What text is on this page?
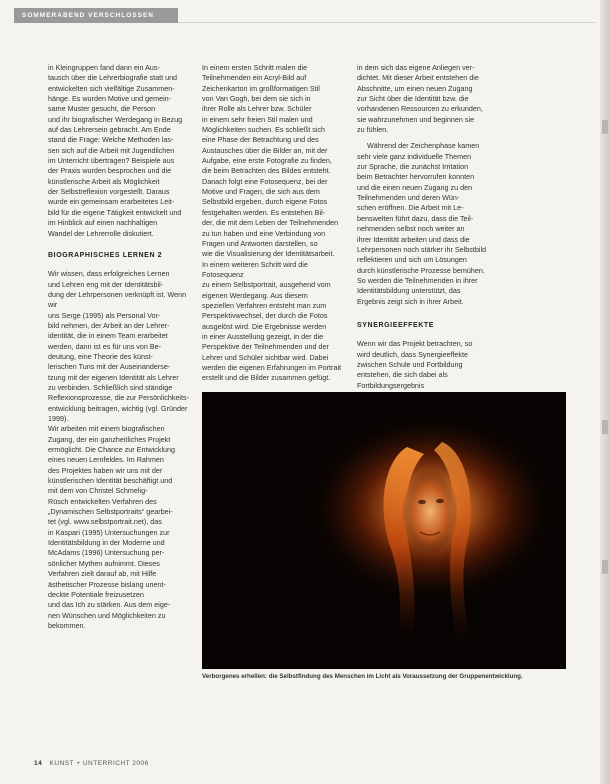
SOMMERABEND VERSCHLOSSEN

in Kleingruppen fand dann ein Aus-
tausch über die Lehrerbiografie statt und
entwickelten sich vielfältige Zusammen-
hänge. Es wurden Motive und gemein-
same Muster gesucht, die Person
und ihr biografischer Werdegang in Bezug
auf das Lehrersein gebracht. Am Ende
stand die Frage: Welche Methoden las-
sen sich auf die Arbeit mit Jugendlichen
im Unterricht übertragen? Beispiele aus
der Praxis wurden besprochen und die
künstlerische Arbeit als Möglichkeit
der Selbstreflexion vorgestellt. Daraus
wurde ein gemeinsam erarbeitetes Leit-
bild für die eigene Tätigkeit entwickelt und
im Hinblick auf einen nachhaltigen
Wandel der Lehrerrolle diskutiert.

BIOGRAPHISCHES LERNEN 2

Wir wissen, dass erfolgreiches Lernen
und Lehren eng mit der Identitätsbil-
dung der Lehrpersonen verknüpft ist. Wenn wir
uns Serge (1995) als Personal Vor-
bild nehmen, der Arbeit an der Lehrer-
identität, die in einem Team erarbeitet
werden, dann ist es für uns von Be-
deutung, eine Theorie des künst-
lerischen Tuns mit der Auseinanderse-
tzung mit der eigenen Identität als Lehrer
zu verbinden. Schließlich sind ständige
Reflexionsprozesse, die zur Persönlichkeits-
entwicklung beitragen, wichtig (vgl. Gründer 1999).
Wir arbeiten mit einem biografischen
Zugang, der ein ganzheitliches Projekt
ermöglicht. Die Chance zur Entwicklung
eines neuen Lernfeldes. Im Rahmen
des Projektes haben wir uns mit der
künstlerischen Identität beschäftigt und
mit dem von Christel Schmelig-
Rüsch entwickelten Verfahren des
„Dynamischen Selbstportraits“ gearbei-
tet (vgl. www.selbstportrait.net), das
in Kaspari (1995) Untersuchungen zur
Identitätsbildung in der Moderne und
McAdams (1996) Untersuchung per-
sönlicher Mythen aufnimmt. Dieses
Verfahren zielt darauf ab, mit Hilfe
ästhetischer Prozesse bislang unent-
deckte Potentiale freizusetzen
und das Ich zu stärken. Aus dem eige-
nen Wünschen und Möglichkeiten zu
bekommen.

In einem ersten Schritt malen die
Teilnehmenden ein Acryl-Bild auf
Zeichenkarton im großformatigen Stil
von Van Gogh, bei dem sie sich in
ihrer Rolle als Lehrer bzw. Schüler
in einem sehr freien Stil malen und
Möglichkeiten suchen. Es schließt sich
eine Phase der Betrachtung und des
Austausches über die Bilder an, mit der
Aufgabe, eine erste Fotografie zu finden,
die beim Betrachten des Bildes entsteht.
Danach folgt eine Fotosequenz, bei der
Motive und Fragen, die sich aus dem
Selbstbild ergeben, durch eigene Fotos
festgehalten werden. Es entstehen Bil-
der, die mit dem Leben der Teilnehmenden
zu tun haben und eine Verbindung von
Fragen und Antworten darstellen, so
wie die Visualisierung der Identitätsarbeit.
In einem weiteren Schritt wird die Fotosequenz
zu einem Selbstportrait, ausgehend vom
eigenen Werdegang. Aus diesem
speziellen Verfahren entsteht man zum
Perspektivwechsel, der durch die Fotos
ausgelöst wird. Die Ergebnisse werden
in einer Ausstellung gezeigt, in der die
Perspektive der Teilnehmenden und der
Lehrer und Schüler sichtbar wird. Dabei
werden die eigenen Erfahrungen im Portrait
erstellt und die Bilder zusammen gefügt.

in dem sich das eigene Anliegen ver-
dichtet. Mit dieser Arbeit entstehen die
Abschnitte, um einen neuen Zugang
zur Sicht über die Identität bzw. die
vorhandenen Ressourcen zu erkunden,
sie wahrzunehmen und beginnen sie
zu fühlen.

Während der Zeichenphase kamen
sehr viele ganz individuelle Themen
zur Sprache, die zunächst Irritation
beim Betrachter hervorrufen konnten
und die einen neuen Zugang zu den
Teilnehmenden und deren Wün-
schen eröffnen. Die Arbeit mit Le-
benswelten führt dazu, dass die Teil-
nehmenden selbst noch weiter an
ihrer Identität arbeiten und dass die
Lehrpersonen noch stärker ihr Selbstbild
reflektieren und sich um Lösungen
durch künstlerische Prozesse bemühen.
So werden die Teilnehmenden in ihrer
Identitätsbildung unterstützt, das
Ergebnis zeigt sich in ihrer Arbeit.

SYNERGIEEFFEKTE

Wenn wir das Projekt betrachten, so
wird deutlich, dass Synergieeffekte
zwischen Schule und Fortbildung
entstehen, die sich dabei als Fortbildungsergebnis

Verborgenes erhellen: die Selbstfindung des Menschen im Licht als Voraussetzung der Gruppenentwicklung.
14 KUNST + UNTERRICHT 2006
